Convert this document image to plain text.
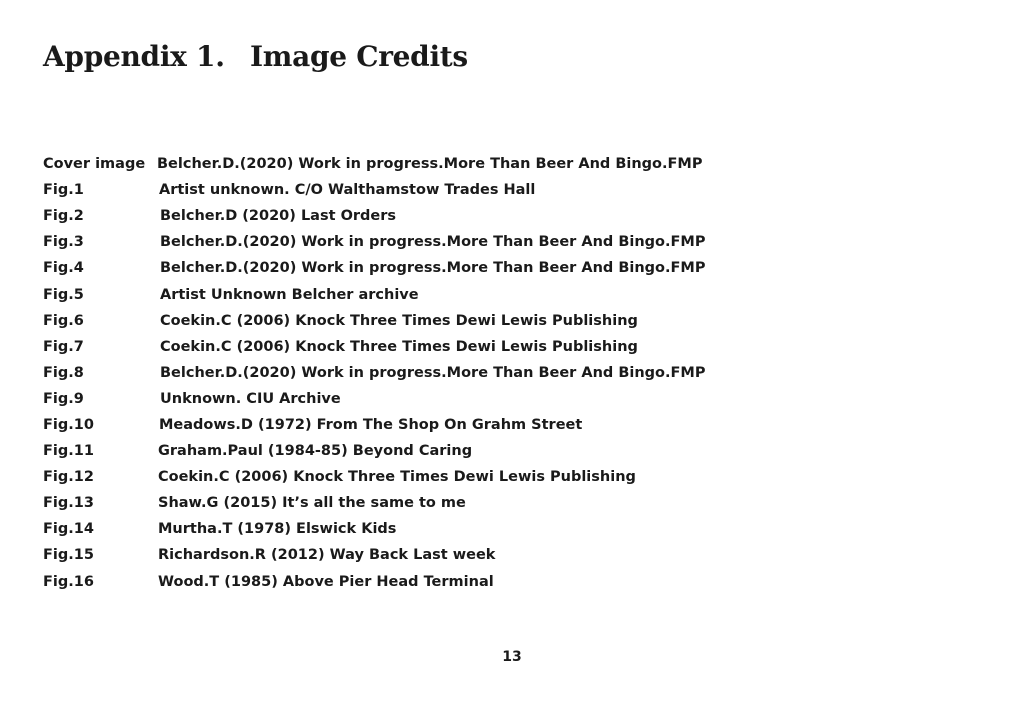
Appendix 1. Image Credits
Cover image Belcher.D.(2020) Work in progress.More Than Beer And Bingo.FMP
Fig.1	Artist unknown. C/O Walthamstow Trades Hall
Fig.2	Belcher.D (2020) Last Orders
Fig.3	Belcher.D.(2020) Work in progress.More Than Beer And Bingo.FMP
Fig.4	Belcher.D.(2020) Work in progress.More Than Beer And Bingo.FMP
Fig.5	Artist Unknown Belcher archive
Fig.6	Coekin.C (2006) Knock Three Times Dewi Lewis Publishing
Fig.7	Coekin.C (2006) Knock Three Times Dewi Lewis Publishing
Fig.8	Belcher.D.(2020) Work in progress.More Than Beer And Bingo.FMP
Fig.9	Unknown. CIU Archive
Fig.10	Meadows.D (1972) From The Shop On Grahm Street
Fig.11	Graham.Paul (1984-85) Beyond Caring
Fig.12	Coekin.C (2006) Knock Three Times Dewi Lewis Publishing
Fig.13	Shaw.G (2015) It’s all the same to me
Fig.14	Murtha.T (1978) Elswick Kids
Fig.15	Richardson.R (2012) Way Back Last week
Fig.16	Wood.T (1985) Above Pier Head Terminal
13
